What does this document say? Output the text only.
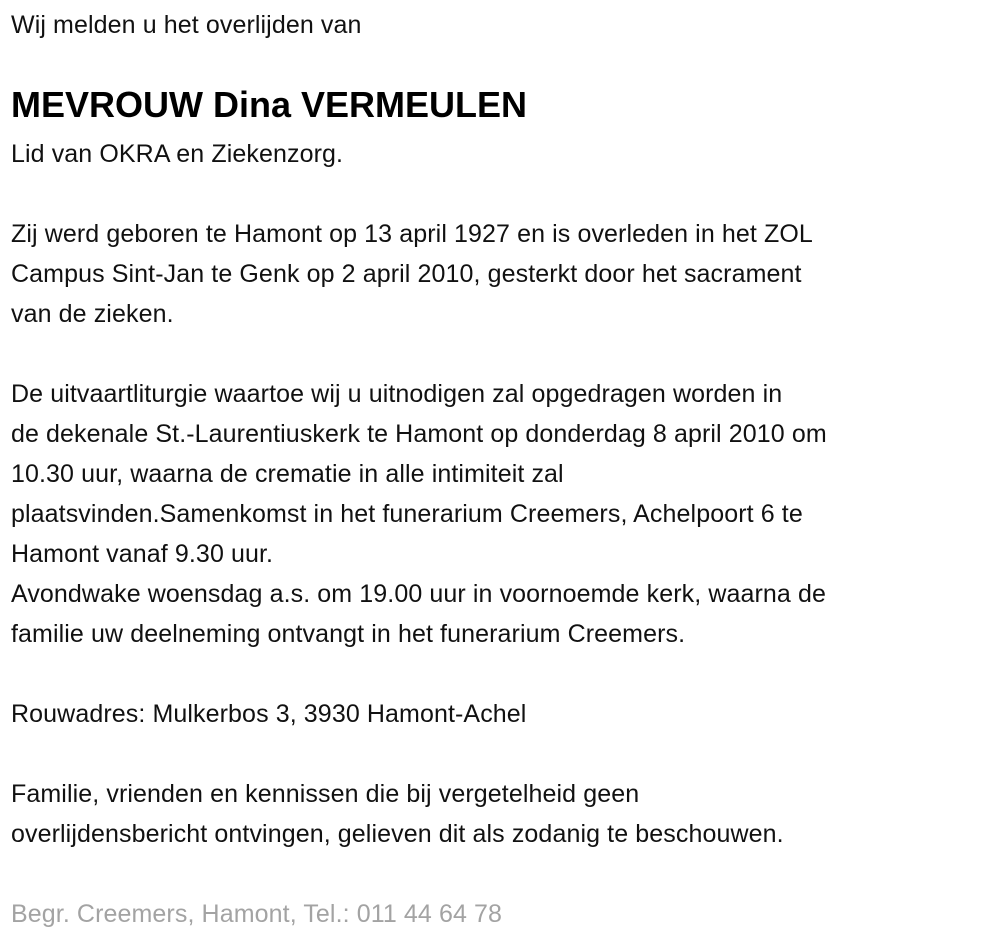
Wij melden u het overlijden van
MEVROUW Dina VERMEULEN
Lid van OKRA en Ziekenzorg.
Zij werd geboren te Hamont op 13 april 1927 en is overleden in het ZOL
Campus Sint-Jan te Genk op 2 april 2010, gesterkt door het sacrament
van de zieken.
De uitvaartliturgie waartoe wij u uitnodigen zal opgedragen worden in
de dekenale St.-Laurentiuskerk te Hamont op donderdag 8 april 2010 om
10.30 uur, waarna de crematie in alle intimiteit zal
plaatsvinden.Samenkomst in het funerarium Creemers, Achelpoort 6 te
Hamont vanaf 9.30 uur.
Avondwake woensdag a.s. om 19.00 uur in voornoemde kerk, waarna de
familie uw deelneming ontvangt in het funerarium Creemers.
Rouwadres: Mulkerbos 3, 3930 Hamont-Achel
Familie, vrienden en kennissen die bij vergetelheid geen
overlijdensbericht ontvingen, gelieven dit als zodanig te beschouwen.
Begr. Creemers, Hamont, Tel.: 011 44 64 78
